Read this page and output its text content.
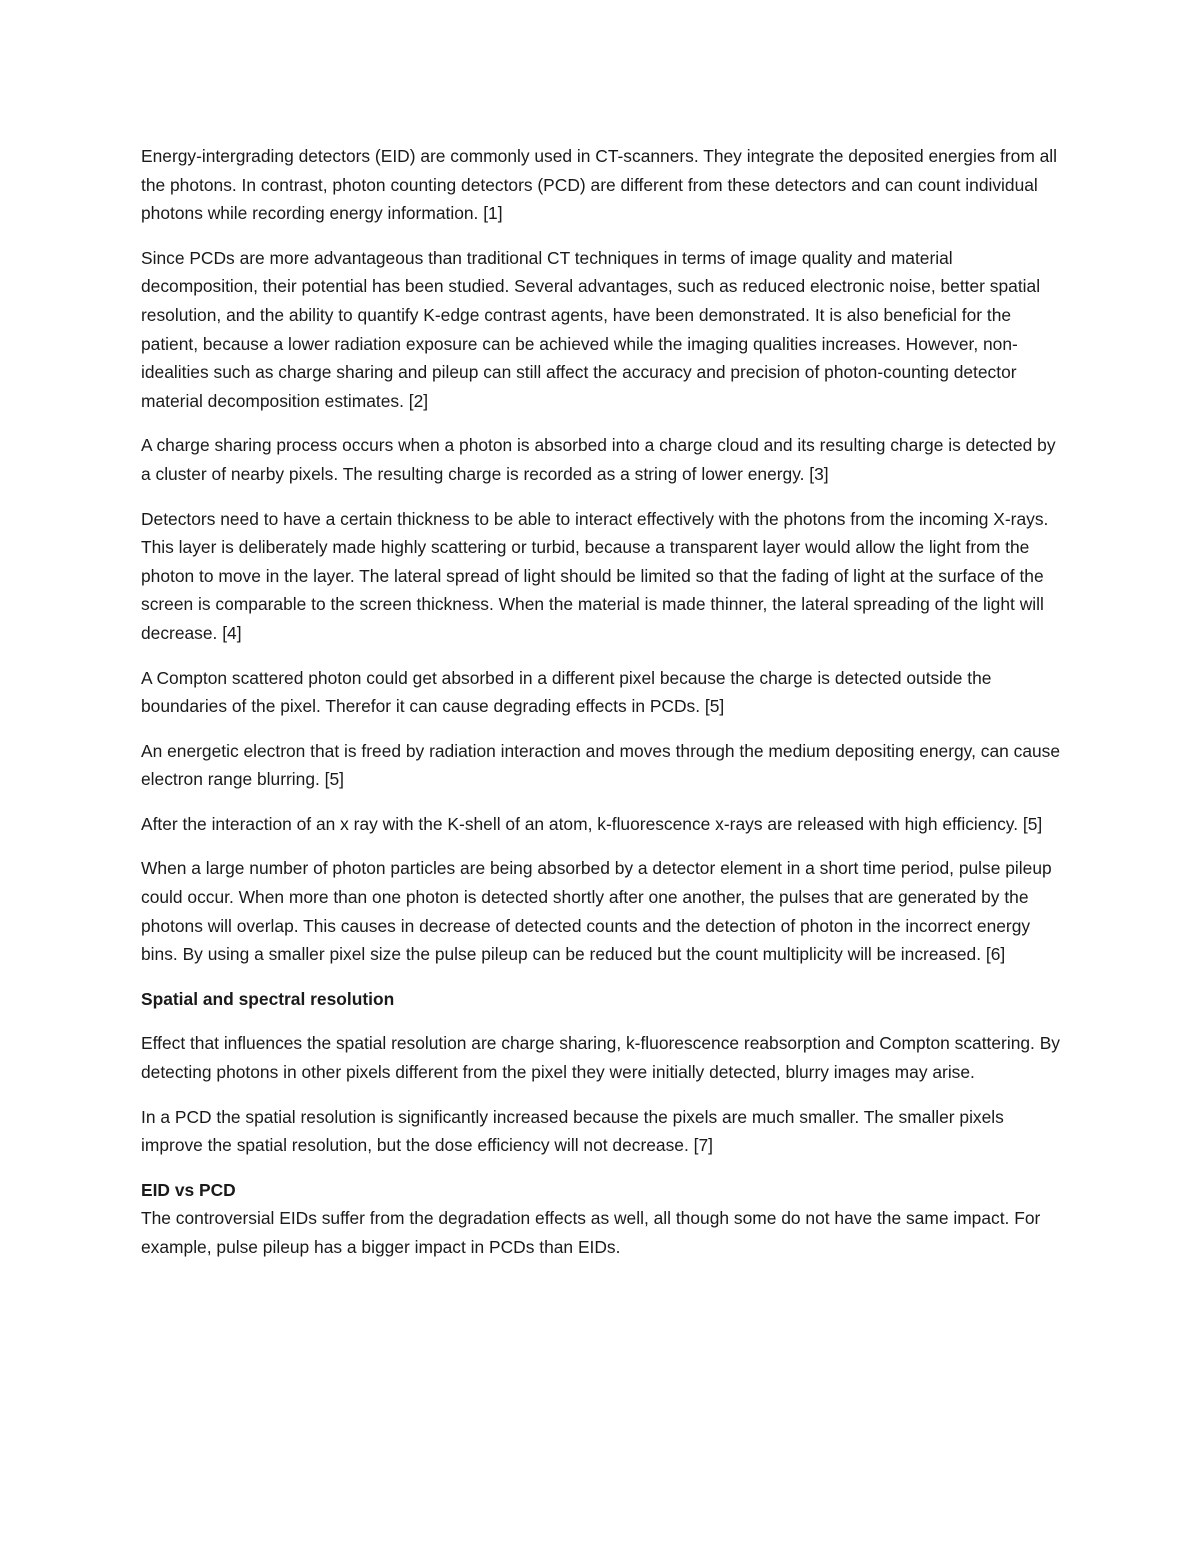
Energy-intergrading detectors (EID) are commonly used in CT-scanners. They integrate the deposited energies from all the photons. In contrast, photon counting detectors (PCD) are different from these detectors and can count individual photons while recording energy information. [1]

Since PCDs are more advantageous than traditional CT techniques in terms of image quality and material decomposition, their potential has been studied. Several advantages, such as reduced electronic noise, better spatial resolution, and the ability to quantify K-edge contrast agents, have been demonstrated. It is also beneficial for the patient, because a lower radiation exposure can be achieved while the imaging qualities increases. However, non-idealities such as charge sharing and pileup can still affect the accuracy and precision of photon-counting detector material decomposition estimates. [2]

A charge sharing process occurs when a photon is absorbed into a charge cloud and its resulting charge is detected by a cluster of nearby pixels. The resulting charge is recorded as a string of lower energy. [3]

Detectors need to have a certain thickness to be able to interact effectively with the photons from the incoming X-rays. This layer is deliberately made highly scattering or turbid, because a transparent layer would allow the light from the photon to move in the layer. The lateral spread of light should be limited so that the fading of light at the surface of the screen is comparable to the screen thickness. When the material is made thinner, the lateral spreading of the light will decrease. [4]

A Compton scattered photon could get absorbed in a different pixel because the charge is detected outside the boundaries of the pixel. Therefor it can cause degrading effects in PCDs. [5]

An energetic electron that is freed by radiation interaction and moves through the medium depositing energy, can cause electron range blurring. [5]

After the interaction of an x ray with the K-shell of an atom, k-fluorescence x-rays are released with high efficiency. [5]

When a large number of photon particles are being absorbed by a detector element in a short time period, pulse pileup could occur. When more than one photon is detected shortly after one another, the pulses that are generated by the photons will overlap. This causes in decrease of detected counts and the detection of photon in the incorrect energy bins. By using a smaller pixel size the pulse pileup can be reduced but the count multiplicity will be increased. [6]

Spatial and spectral resolution

Effect that influences the spatial resolution are charge sharing, k-fluorescence reabsorption and Compton scattering. By detecting photons in other pixels different from the pixel they were initially detected, blurry images may arise.

In a PCD the spatial resolution is significantly increased because the pixels are much smaller. The smaller pixels improve the spatial resolution, but the dose efficiency will not decrease. [7]

EID vs PCD

The controversial EIDs suffer from the degradation effects as well, all though some do not have the same impact. For example, pulse pileup has a bigger impact in PCDs than EIDs.
